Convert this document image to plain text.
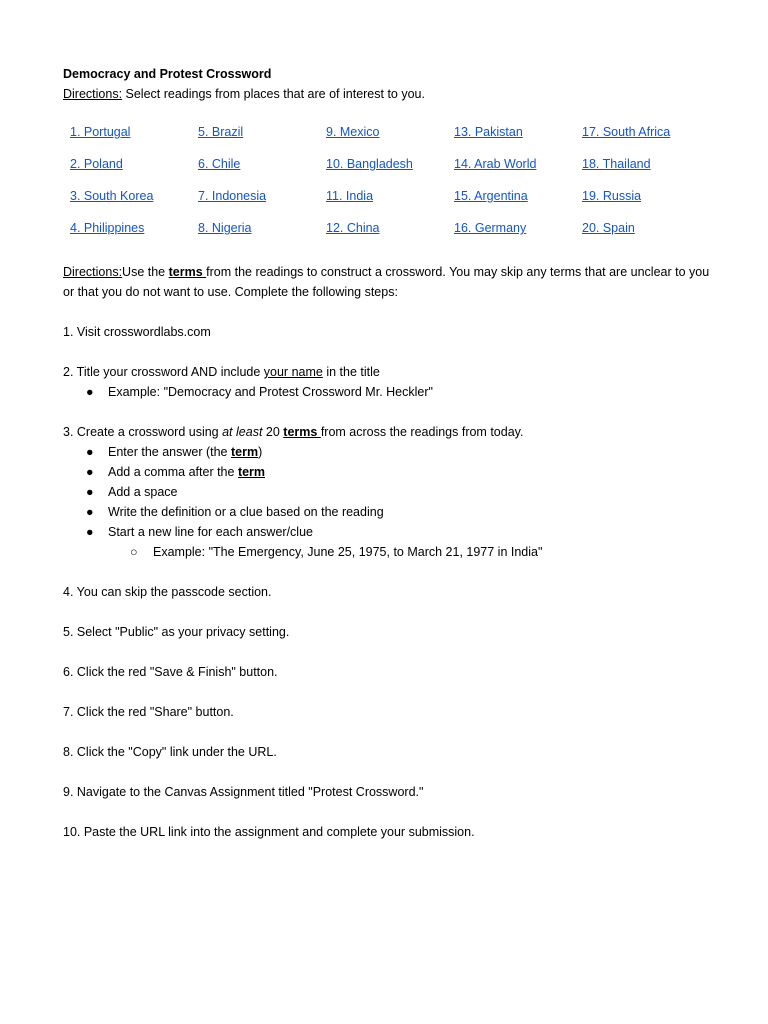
Democracy and Protest Crossword
Directions: Select readings from places that are of interest to you.
1. Portugal	5. Brazil	9. Mexico	13. Pakistan	17. South Africa
2. Poland	6. Chile	10. Bangladesh	14. Arab World	18. Thailand
3. South Korea	7. Indonesia	11. India	15. Argentina	19. Russia
4. Philippines	8. Nigeria	12. China	16. Germany	20. Spain
Directions:Use the terms from the readings to construct a crossword. You may skip any terms that are unclear to you or that you do not want to use. Complete the following steps:
1. Visit crosswordlabs.com
2. Title your crossword AND include your name in the title
● Example: "Democracy and Protest Crossword Mr. Heckler"
3. Create a crossword using at least 20 terms from across the readings from today.
● Enter the answer (the term)
● Add a comma after the term
● Add a space
● Write the definition or a clue based on the reading
● Start a new line for each answer/clue
○ Example: "The Emergency, June 25, 1975, to March 21, 1977 in India"
4. You can skip the passcode section.
5. Select "Public" as your privacy setting.
6. Click the red "Save & Finish" button.
7. Click the red "Share" button.
8. Click the "Copy" link under the URL.
9. Navigate to the Canvas Assignment titled "Protest Crossword."
10. Paste the URL link into the assignment and complete your submission.
